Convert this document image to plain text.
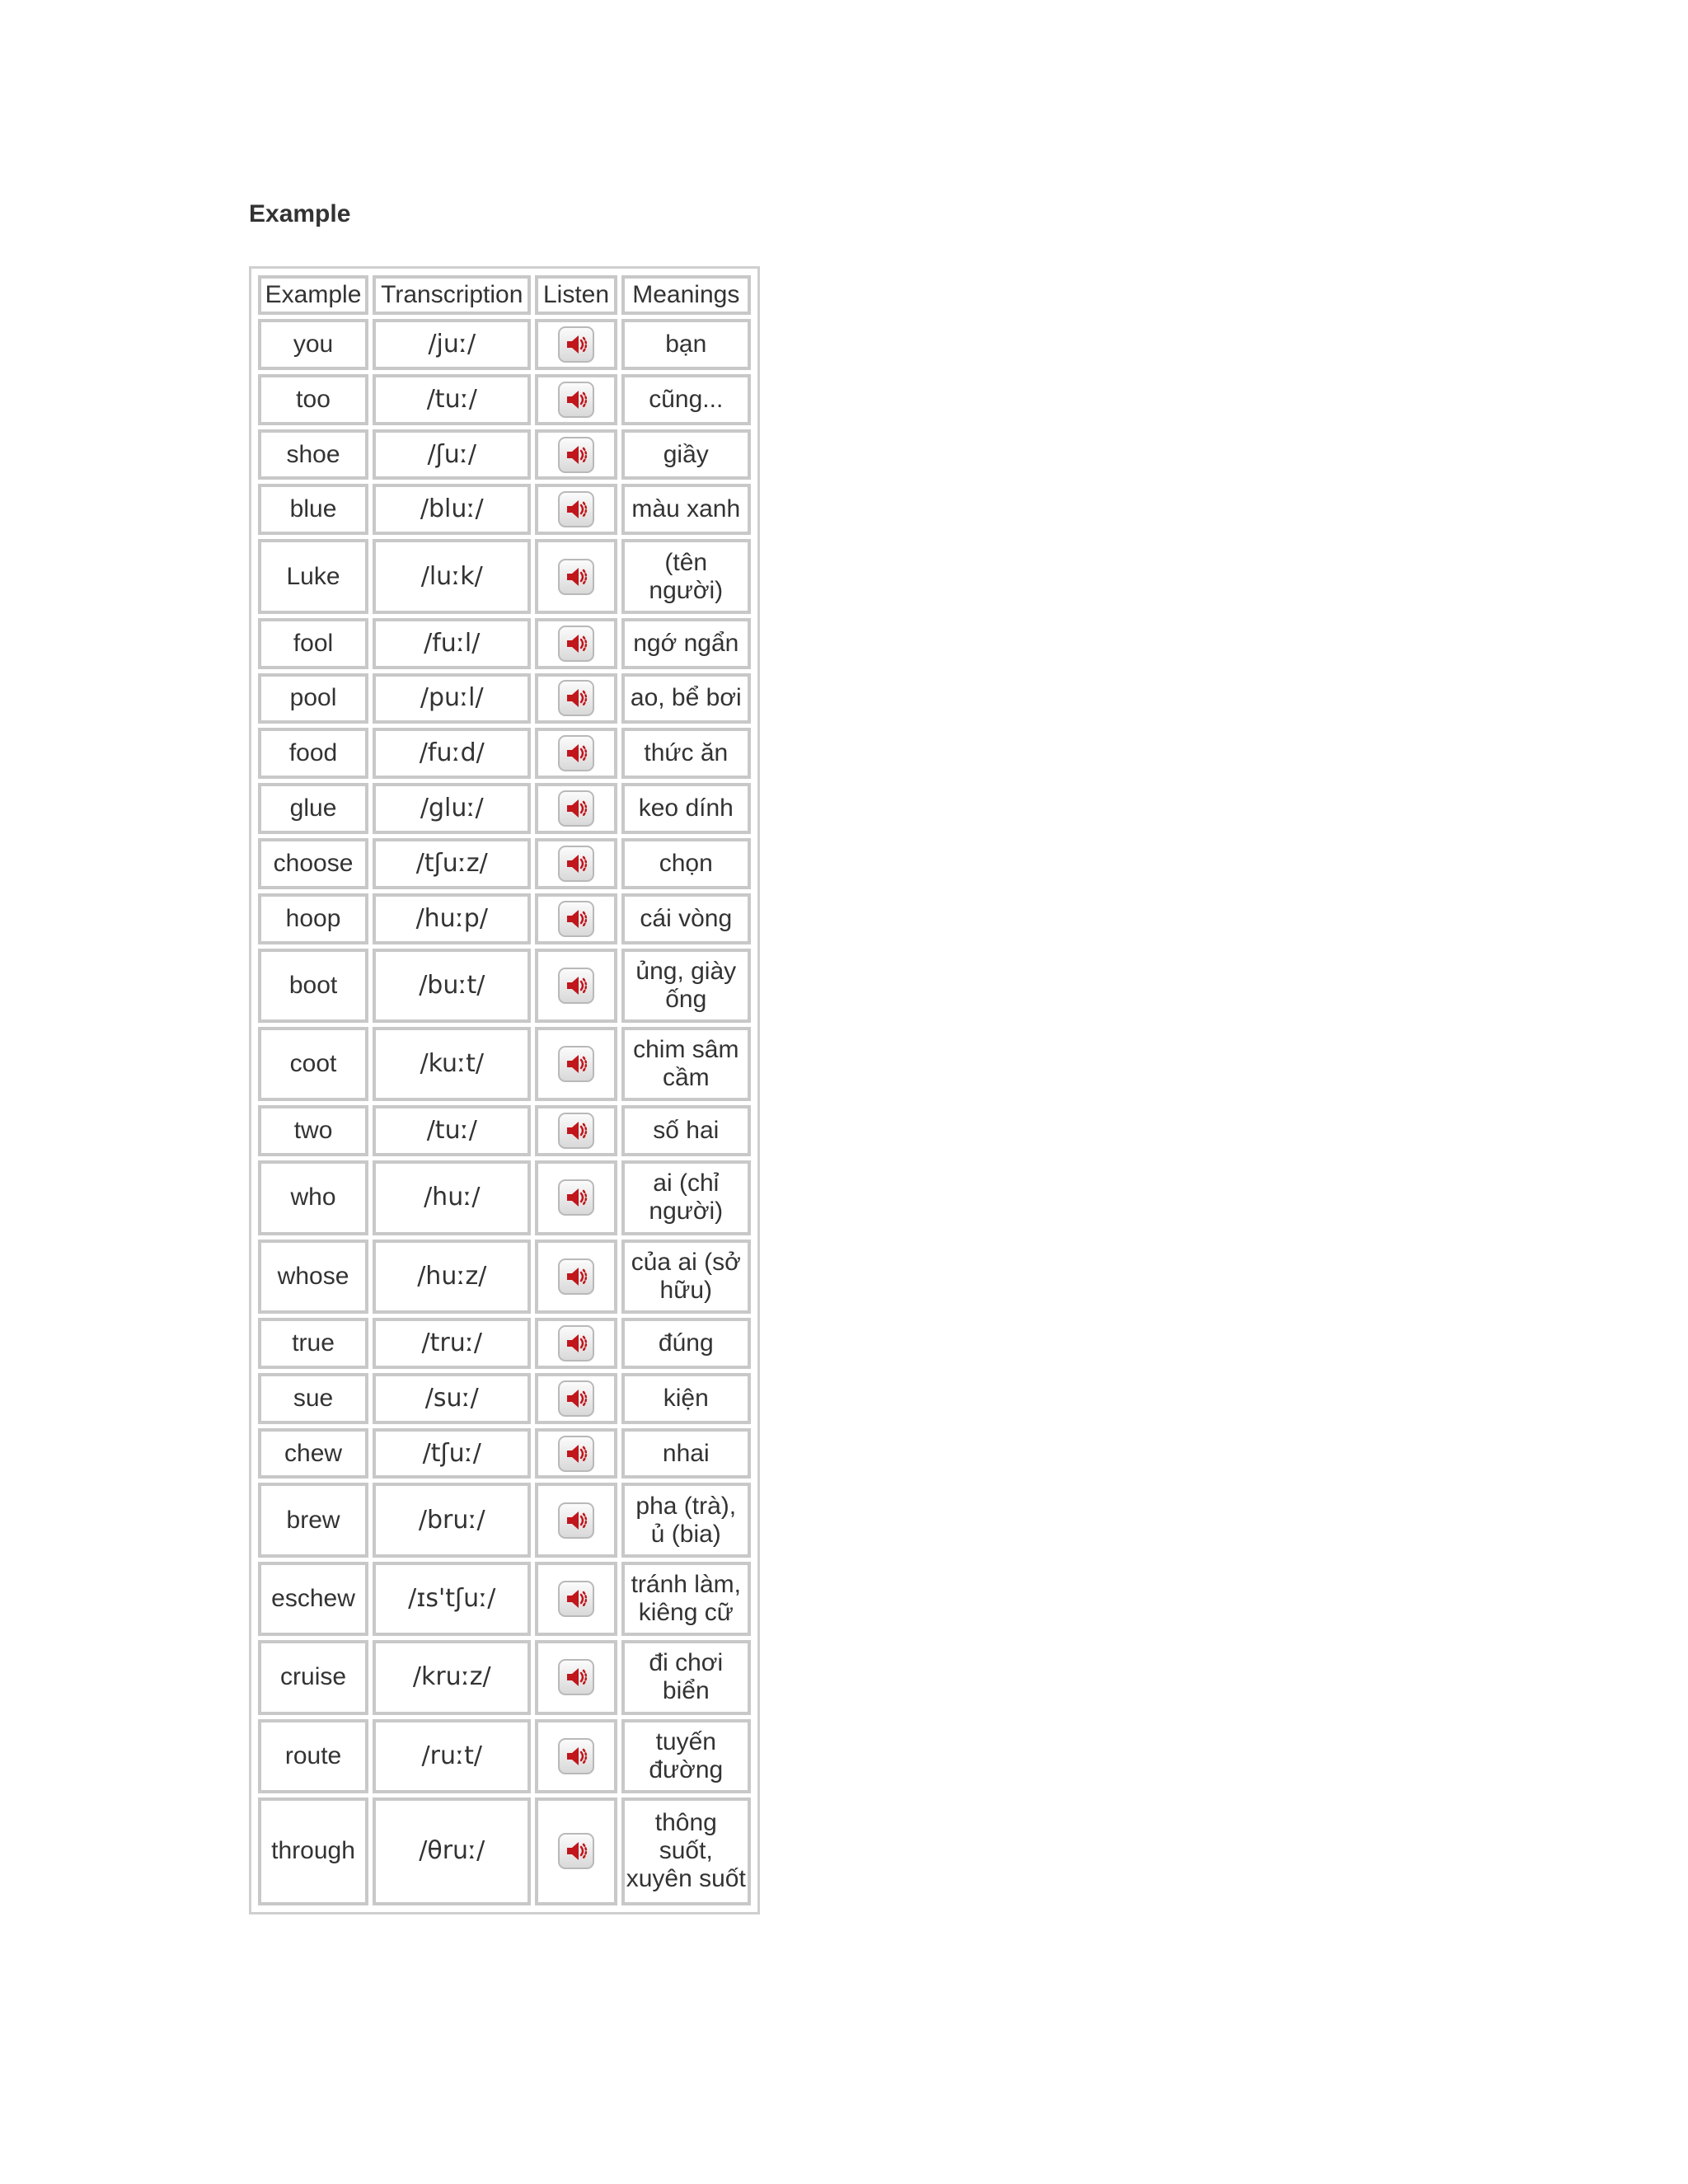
Example
Example	Transcription	Listen	Meanings
you	/juː/		bạn
too	/tuː/		cũng...
shoe	/ʃuː/		giầy
blue	/bluː/		màu xanh
Luke	/luːk/		(tên người)
fool	/fuːl/		ngớ ngẩn
pool	/puːl/		ao, bể bơi
food	/fuːd/		thức ăn
glue	/gluː/		keo dính
choose	/tʃuːz/		chọn
hoop	/huːp/		cái vòng
boot	/buːt/		ủng, giày ống
coot	/kuːt/		chim sâm cầm
two	/tuː/		số hai
who	/huː/		ai (chỉ người)
whose	/huːz/		của ai (sở hữu)
true	/truː/		đúng
sue	/suː/		kiện
chew	/tʃuː/		nhai
brew	/bruː/		pha (trà), ủ (bia)
eschew	/ɪs'tʃuː/		tránh làm, kiêng cữ
cruise	/kruːz/		đi chơi biển
route	/ruːt/		tuyến đường
through	/θruː/		thông suốt, xuyên suốt
